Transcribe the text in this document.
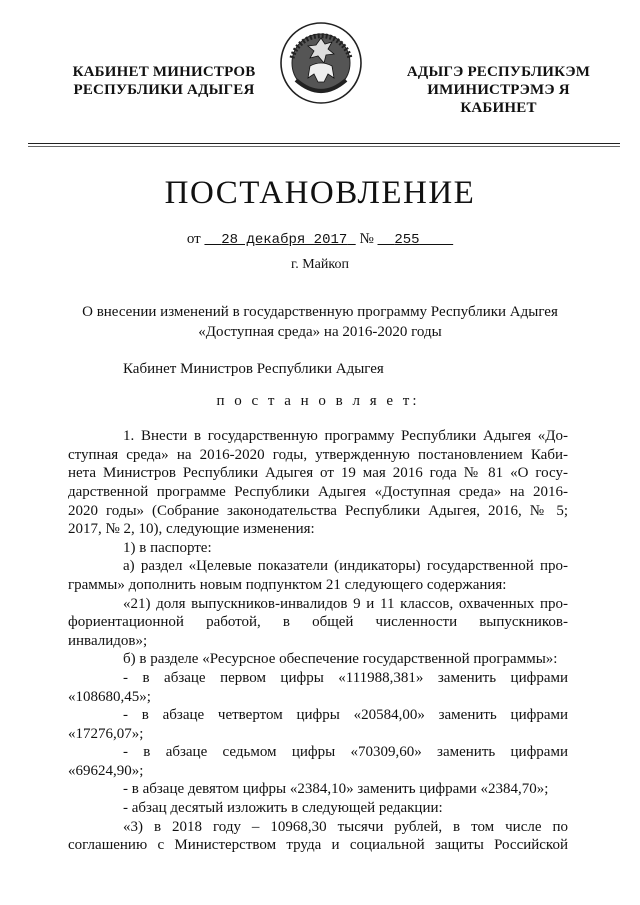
КАБИНЕТ МИНИСТРОВ
РЕСПУБЛИКИ АДЫГЕЯ
АДЫГЭ РЕСПУБЛИКЭМ
ИМИНИСТРЭМЭ Я КАБИНЕТ
ПОСТАНОВЛЕНИЕ
от 28 декабря 2017 № 255
г. Майкоп
О внесении изменений в государственную программу Республики Адыгея
«Доступная среда» на 2016-2020 годы

Кабинет Министров Республики Адыгея

п о с т а н о в л я е т:

1. Внести в государственную программу Республики Адыгея «До-

ступная среда» на 2016-2020 годы, утвержденную постановлением Каби-

нета Министров Республики Адыгея от 19 мая 2016 года № 81 «О госу-

дарственной программе Республики Адыгея «Доступная среда» на 2016-

2020 годы» (Собрание законодательства Республики Адыгея, 2016, № 5;

2017, № 2, 10), следующие изменения:

1) в паспорте:

а) раздел «Целевые показатели (индикаторы) государственной про-

граммы» дополнить новым подпунктом 21 следующего содержания:

«21) доля выпускников-инвалидов 9 и 11 классов, охваченных про-

фориентационной работой, в общей численности выпускников-

инвалидов»;

б) в разделе «Ресурсное обеспечение государственной программы»:

- в абзаце первом цифры «111988,381» заменить цифрами

«108680,45»;

- в абзаце четвертом цифры «20584,00» заменить цифрами

«17276,07»;

- в абзаце седьмом цифры «70309,60» заменить цифрами

«69624,90»;

- в абзаце девятом цифры «2384,10» заменить цифрами «2384,70»;

- абзац десятый изложить в следующей редакции:

«3) в 2018 году – 10968,30 тысячи рублей, в том числе по

соглашению с Министерством труда и социальной защиты Российской
